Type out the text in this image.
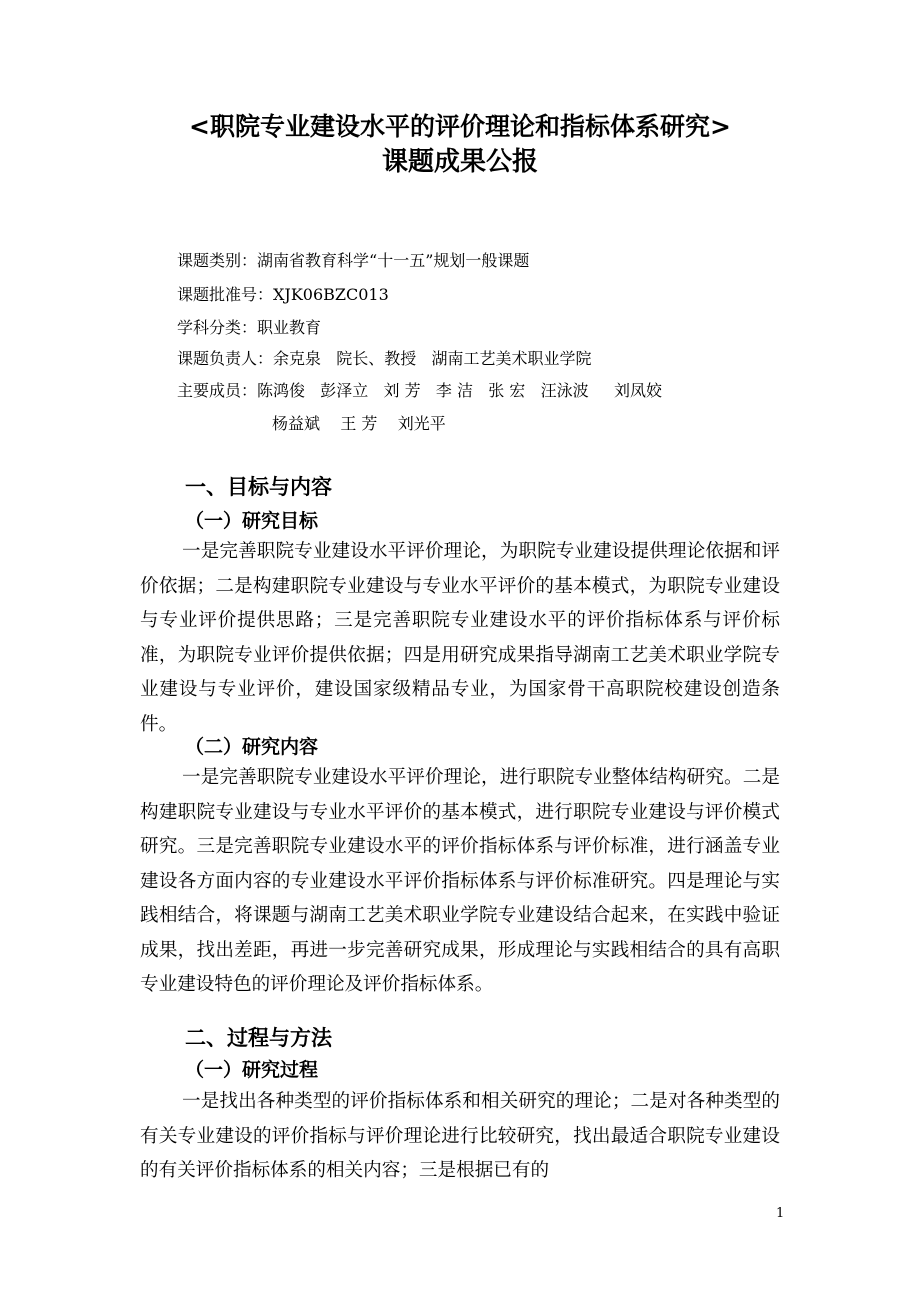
<职院专业建设水平的评价理论和指标体系研究>
课题成果公报
课题类别：湖南省教育科学“十一五”规划一般课题
课题批准号：XJK06BZC013
学科分类：职业教育
课题负责人：余克泉   院长、教授   湖南工艺美术职业学院
主要成员：陈鸿俊   彭泽立   刘 芳   李 洁   张 宏   汪泳波     刘凤姣
杨益斌    王 芳    刘光平
一、目标与内容
（一）研究目标

一是完善职院专业建设水平评价理论，为职院专业建设提供理论依据和评价依据；二是构建职院专业建设与专业水平评价的基本模式，为职院专业建设与专业评价提供思路；三是完善职院专业建设水平的评价指标体系与评价标准，为职院专业评价提供依据；四是用研究成果指导湖南工艺美术职业学院专业建设与专业评价，建设国家级精品专业，为国家骨干高职院校建设创造条件。

（二）研究内容

一是完善职院专业建设水平评价理论，进行职院专业整体结构研究。二是构建职院专业建设与专业水平评价的基本模式，进行职院专业建设与评价模式研究。三是完善职院专业建设水平的评价指标体系与评价标准，进行涵盖专业建设各方面内容的专业建设水平评价指标体系与评价标准研究。四是理论与实践相结合，将课题与湖南工艺美术职业学院专业建设结合起来，在实践中验证成果，找出差距，再进一步完善研究成果，形成理论与实践相结合的具有高职专业建设特色的评价理论及评价指标体系。

二、过程与方法
（一）研究过程

一是找出各种类型的评价指标体系和相关研究的理论；二是对各种类型的有关专业建设的评价指标与评价理论进行比较研究，找出最适合职院专业建设的有关评价指标体系的相关内容；三是根据已有的

1
